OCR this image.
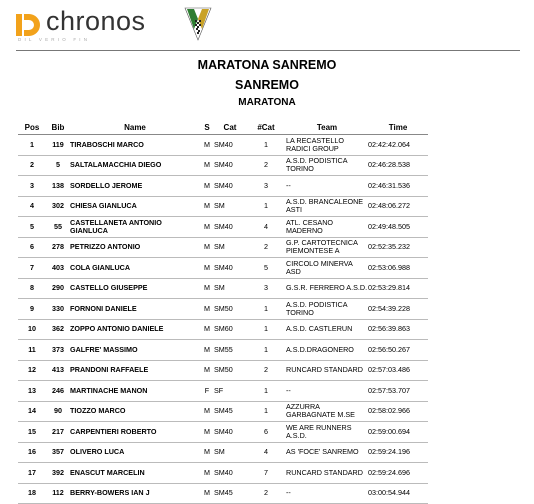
chronos
DIL VERIO FIN
MARATONA SANREMO
SANREMO
MARATONA
Pos	Bib	Name	S	Cat	#Cat	Team	Time
1	119	TIRABOSCHI MARCO	M	SM40	1	LA RECASTELLO RADICI GROUP	02:42:42.064
2	5	SALTALAMACCHIA DIEGO	M	SM40	2	A.S.D. PODISTICA TORINO	02:46:28.538
3	138	SORDELLO JEROME	M	SM40	3	--	02:46:31.536
4	302	CHIESA GIANLUCA	M	SM	1	A.S.D. BRANCALEONE ASTI	02:48:06.272
5	55	CASTELLANETA ANTONIO GIANLUCA	M	SM40	4	ATL. CESANO MADERNO	02:49:48.505
6	278	PETRIZZO ANTONIO	M	SM	2	G.P. CARTOTECNICA PIEMONTESE A	02:52:35.232
7	403	COLA GIANLUCA	M	SM40	5	CIRCOLO MINERVA ASD	02:53:06.988
8	290	CASTELLO GIUSEPPE	M	SM	3	G.S.R. FERRERO A.S.D.	02:53:29.814
9	330	FORNONI DANIELE	M	SM50	1	A.S.D. PODISTICA TORINO	02:54:39.228
10	362	ZOPPO ANTONIO DANIELE	M	SM60	1	A.S.D. CASTLERUN	02:56:39.863
11	373	GALFRE' MASSIMO	M	SM55	1	A.S.D.DRAGONERO	02:56:50.267
12	413	PRANDONI RAFFAELE	M	SM50	2	RUNCARD STANDARD	02:57:03.486
13	246	MARTINACHE MANON	F	SF	1	--	02:57:53.707
14	90	TIOZZO MARCO	M	SM45	1	AZZURRA GARBAGNATE M.SE	02:58:02.966
15	217	CARPENTIERI ROBERTO	M	SM40	6	WE ARE RUNNERS A.S.D.	02:59:00.694
16	357	OLIVERO LUCA	M	SM	4	AS 'FOCE' SANREMO	02:59:24.196
17	392	ENASCUT MARCELIN	M	SM40	7	RUNCARD STANDARD	02:59:24.696
18	112	BERRY-BOWERS IAN J	M	SM45	2	--	03:00:54.944
